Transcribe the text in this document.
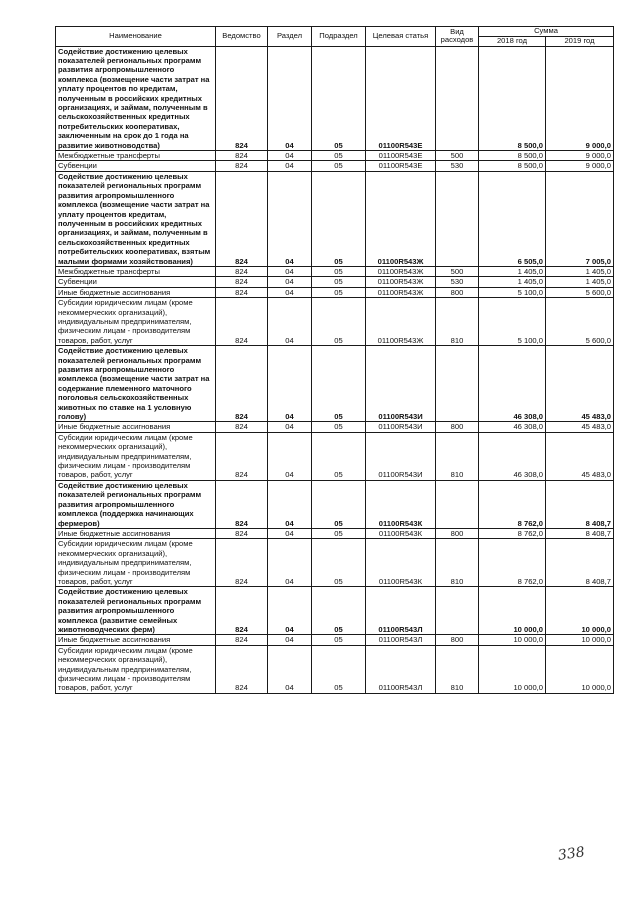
Наименование	Ведомство	Раздел	Подраздел	Целевая статья	Вид расходов	Сумма	
						2018 год	2019 год
Содействие достижению целевых показателей региональных программ развития агропромышленного комплекса (возмещение части затрат на уплату процентов по кредитам, полученным в российских кредитных организациях, и займам, полученным в сельскохозяйственных кредитных потребительских кооперативах, заключенным на срок до 1 года на развитие животноводства)	824	04	05	01100R543E		8 500,0	9 000,0
Межбюджетные трансферты	824	04	05	01100R543E	500	8 500,0	9 000,0
Субвенции	824	04	05	01100R543E	530	8 500,0	9 000,0
Содействие достижению целевых показателей региональных программ развития агропромышленного комплекса (возмещение части затрат на уплату процентов кредитам, полученным в российских кредитных организациях, и займам, полученным в сельскохозяйственных кредитных потребительских кооперативах, взятым малыми формами хозяйствования)	824	04	05	01100R543Ж		6 505,0	7 005,0
Межбюджетные трансферты	824	04	05	01100R543Ж	500	1 405,0	1 405,0
Субвенции	824	04	05	01100R543Ж	530	1 405,0	1 405,0
Иные бюджетные ассигнования	824	04	05	01100R543Ж	800	5 100,0	5 600,0
Субсидии юридическим лицам (кроме некоммерческих организаций), индивидуальным предпринимателям, физическим лицам - производителям товаров, работ, услуг	824	04	05	01100R543Ж	810	5 100,0	5 600,0
Содействие достижению целевых показателей региональных программ развития агропромышленного комплекса (возмещение части затрат на содержание племенного маточного поголовья сельскохозяйственных животных по ставке на 1 условную голову)	824	04	05	01100R543И		46 308,0	45 483,0
Иные бюджетные ассигнования	824	04	05	01100R543И	800	46 308,0	45 483,0
Субсидии юридическим лицам (кроме некоммерческих организаций), индивидуальным предпринимателям, физическим лицам - производителям товаров, работ, услуг	824	04	05	01100R543И	810	46 308,0	45 483,0
Содействие достижению целевых показателей региональных программ развития агропромышленного комплекса (поддержка начинающих фермеров)	824	04	05	01100R543К		8 762,0	8 408,7
Иные бюджетные ассигнования	824	04	05	01100R543К	800	8 762,0	8 408,7
Субсидии юридическим лицам (кроме некоммерческих организаций), индивидуальным предпринимателям, физическим лицам - производителям товаров, работ, услуг	824	04	05	01100R543К	810	8 762,0	8 408,7
Содействие достижению целевых показателей региональных программ развития агропромышленного комплекса (развитие семейных животноводческих ферм)	824	04	05	01100R543Л		10 000,0	10 000,0
Иные бюджетные ассигнования	824	04	05	01100R543Л	800	10 000,0	10 000,0
Субсидии юридическим лицам (кроме некоммерческих организаций), индивидуальным предпринимателям, физическим лицам - производителям товаров, работ, услуг	824	04	05	01100R543Л	810	10 000,0	10 000,0
338
